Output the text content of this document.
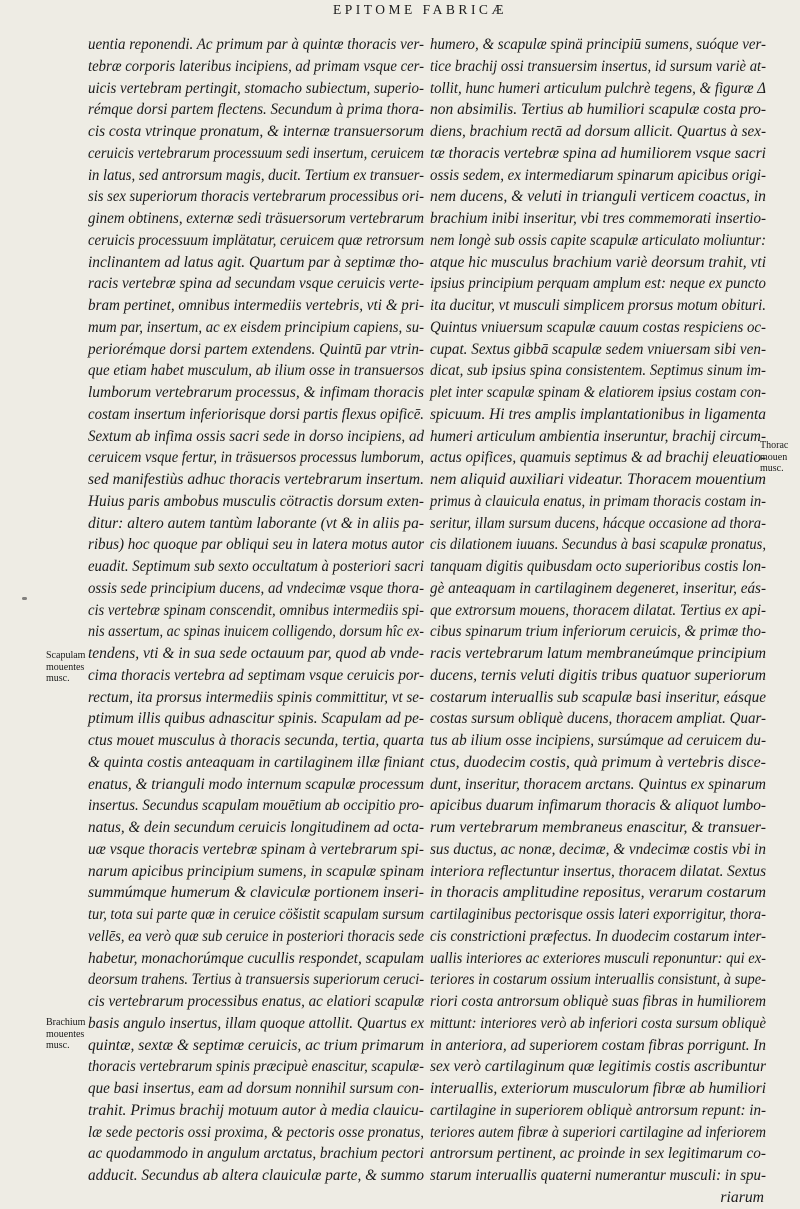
EPITOME FABRICÆ
uentia reponendi. Ac primum par à quintæ thoracis ver-
tebræ corporis lateribus incipiens, ad primam vsque cer-
uicis vertebram pertingit, stomacho subiectum, superio-
rémque dorsi partem flectens. Secundum à prima thora-
cis costa vtrinque pronatum, & internæ transuersorum
ceruicis vertebrarum processuum sedi insertum, ceruicem
in latus, sed antrorsum magis, ducit. Tertium ex transuer-
sis sex superiorum thoracis vertebrarum processibus ori-
ginem obtinens, externæ sedi träsuersorum vertebrarum
ceruicis processuum implätatur, ceruicem quæ retrorsum
inclinantem ad latus agit. Quartum par à septimæ tho-
racis vertebræ spina ad secundam vsque ceruicis verte-
bram pertinet, omnibus intermediis vertebris, vti & pri-
mum par, insertum, ac ex eisdem principium capiens, su-
periorémque dorsi partem extendens. Quintū par vtrin-
que etiam habet musculum, ab ilium osse in transuersos
lumborum vertebrarum processus, & infimam thoracis
costam insertum inferiorisque dorsi partis flexus opificē.
Sextum ab infima ossis sacri sede in dorso incipiens, ad
ceruicem vsque fertur, in träsuersos processus lumborum,
sed manifestiùs adhuc thoracis vertebrarum insertum.
Huius paris ambobus musculis cötractis dorsum exten-
ditur: altero autem tantùm laborante (vt & in aliis pa-
ribus) hoc quoque par obliqui seu in latera motus autor
euadit. Septimum sub sexto occultatum à posteriori sacri
ossis sede principium ducens, ad vndecimæ vsque thora-
cis vertebræ spinam conscendit, omnibus intermediis spi-
nis assertum, ac spinas inuicem colligendo, dorsum hîc ex-
tendens, vti & in sua sede octauum par, quod ab vnde-
cima thoracis vertebra ad septimam vsque ceruicis por-
rectum, ita prorsus intermediis spinis committitur, vt se-
ptimum illis quibus adnascitur spinis. Scapulam ad pe-
ctus mouet musculus à thoracis secunda, tertia, quarta
& quinta costis anteaquam in cartilaginem illæ finiant
enatus, & trianguli modo internum scapulæ processum
insertus. Secundus scapulam mouētium ab occipitio pro-
natus, & dein secundum ceruicis longitudinem ad octa-
uæ vsque thoracis vertebræ spinam à vertebrarum spi-
narum apicibus principium sumens, in scapulæ spinam
summúmque humerum & claviculæ portionem inseri-
tur, tota sui parte quæ in ceruice cöšistit scapulam sursum
vellēs, ea verò quæ sub ceruice in posteriori thoracis sede
habetur, monachorúmque cucullis respondet, scapulam
deorsum trahens. Tertius à transuersis superiorum ceruci-
cis vertebrarum processibus enatus, ac elatiori scapulæ
basis angulo insertus, illam quoque attollit. Quartus ex
quintæ, sextæ & septimæ ceruicis, ac trium primarum
thoracis vertebrarum spinis præcipuè enascitur, scapulæ-
que basi insertus, eam ad dorsum nonnihil sursum con-
trahit. Primus brachij motuum autor à media clauicu-
læ sede pectoris ossi proxima, & pectoris osse pronatus,
ac quodammodo in angulum arctatus, brachium pectori
adducit. Secundus ab altera clauiculæ parte, & summo
humero, & scapulæ spinä principiū sumens, suóque ver-
tice brachij ossi transuersim insertus, id sursum variè at-
tollit, hunc humeri articulum pulchrè tegens, & figuræ Δ
non absimilis. Tertius ab humiliori scapulæ costa pro-
diens, brachium rectā ad dorsum allicit. Quartus à sex-
tæ thoracis vertebræ spina ad humiliorem vsque sacri
ossis sedem, ex intermediarum spinarum apicibus origi-
nem ducens, & veluti in trianguli verticem coactus, in
brachium inibi inseritur, vbi tres commemorati insertio-
nem longè sub ossis capite scapulæ articulato moliuntur:
atque hic musculus brachium variè deorsum trahit, vti
ipsius principium perquam amplum est: neque ex puncto
ita ducitur, vt musculi simplicem prorsus motum obituri.
Quintus vniuersum scapulæ cauum costas respiciens oc-
cupat. Sextus gibbā scapulæ sedem vniuersam sibi ven-
dicat, sub ipsius spina consistentem. Septimus sinum im-
plet inter scapulæ spinam & elatiorem ipsius costam con-
spicuum. Hi tres amplis implantationibus in ligamenta
humeri articulum ambientia inseruntur, brachij circum-
actus opifices, quamuis septimus & ad brachij eleuatio-
nem aliquid auxiliari videatur. Thoracem mouentium
primus à clauicula enatus, in primam thoracis costam in-
seritur, illam sursum ducens, hácque occasione ad thora-
cis dilationem iuuans. Secundus à basi scapulæ pronatus,
tanquam digitis quibusdam octo superioribus costis lon-
gè anteaquam in cartilaginem degeneret, inseritur, eás-
que extrorsum mouens, thoracem dilatat. Tertius ex api-
cibus spinarum trium inferiorum ceruicis, & primæ tho-
racis vertebrarum latum membraneúmque principium
ducens, ternis veluti digitis tribus quatuor superiorum
costarum interuallis sub scapulæ basi inseritur, eásque
costas sursum obliquè ducens, thoracem ampliat. Quar-
tus ab ilium osse incipiens, sursúmque ad ceruicem du-
ctus, duodecim costis, quà primum à vertebris disce-
dunt, inseritur, thoracem arctans. Quintus ex spinarum
apicibus duarum infimarum thoracis & aliquot lumbo-
rum vertebrarum membraneus enascitur, & transuer-
sus ductus, ac nonæ, decimæ, & vndecimæ costis vbi in
interiora reflectuntur insertus, thoracem dilatat. Sextus
in thoracis amplitudine repositus, verarum costarum
cartilaginibus pectorisque ossis lateri exporrigitur, thora-
cis constrictioni præfectus. In duodecim costarum inter-
uallis interiores ac exteriores musculi reponuntur: qui ex-
teriores in costarum ossium interuallis consistunt, à supe-
riori costa antrorsum obliquè suas fibras in humiliorem
mittunt: interiores verò ab inferiori costa sursum obliquè
in anteriora, ad superiorem costam fibras porrigunt. In
sex verò cartilaginum quæ legitimis costis ascribuntur
interuallis, exteriorum musculorum fibræ ab humiliori
cartilagine in superiorem obliquè antrorsum repunt: in-
teriores autem fibræ à superiori cartilagine ad inferiorem
antrorsum pertinent, ac proinde in sex legitimarum co-
starum interuallis quaterni numerantur musculi: in spu-
riarum
Scapulam
mouentes
musc.
Brachium
mouentes
musc.
Thorac
mouen
musc.
